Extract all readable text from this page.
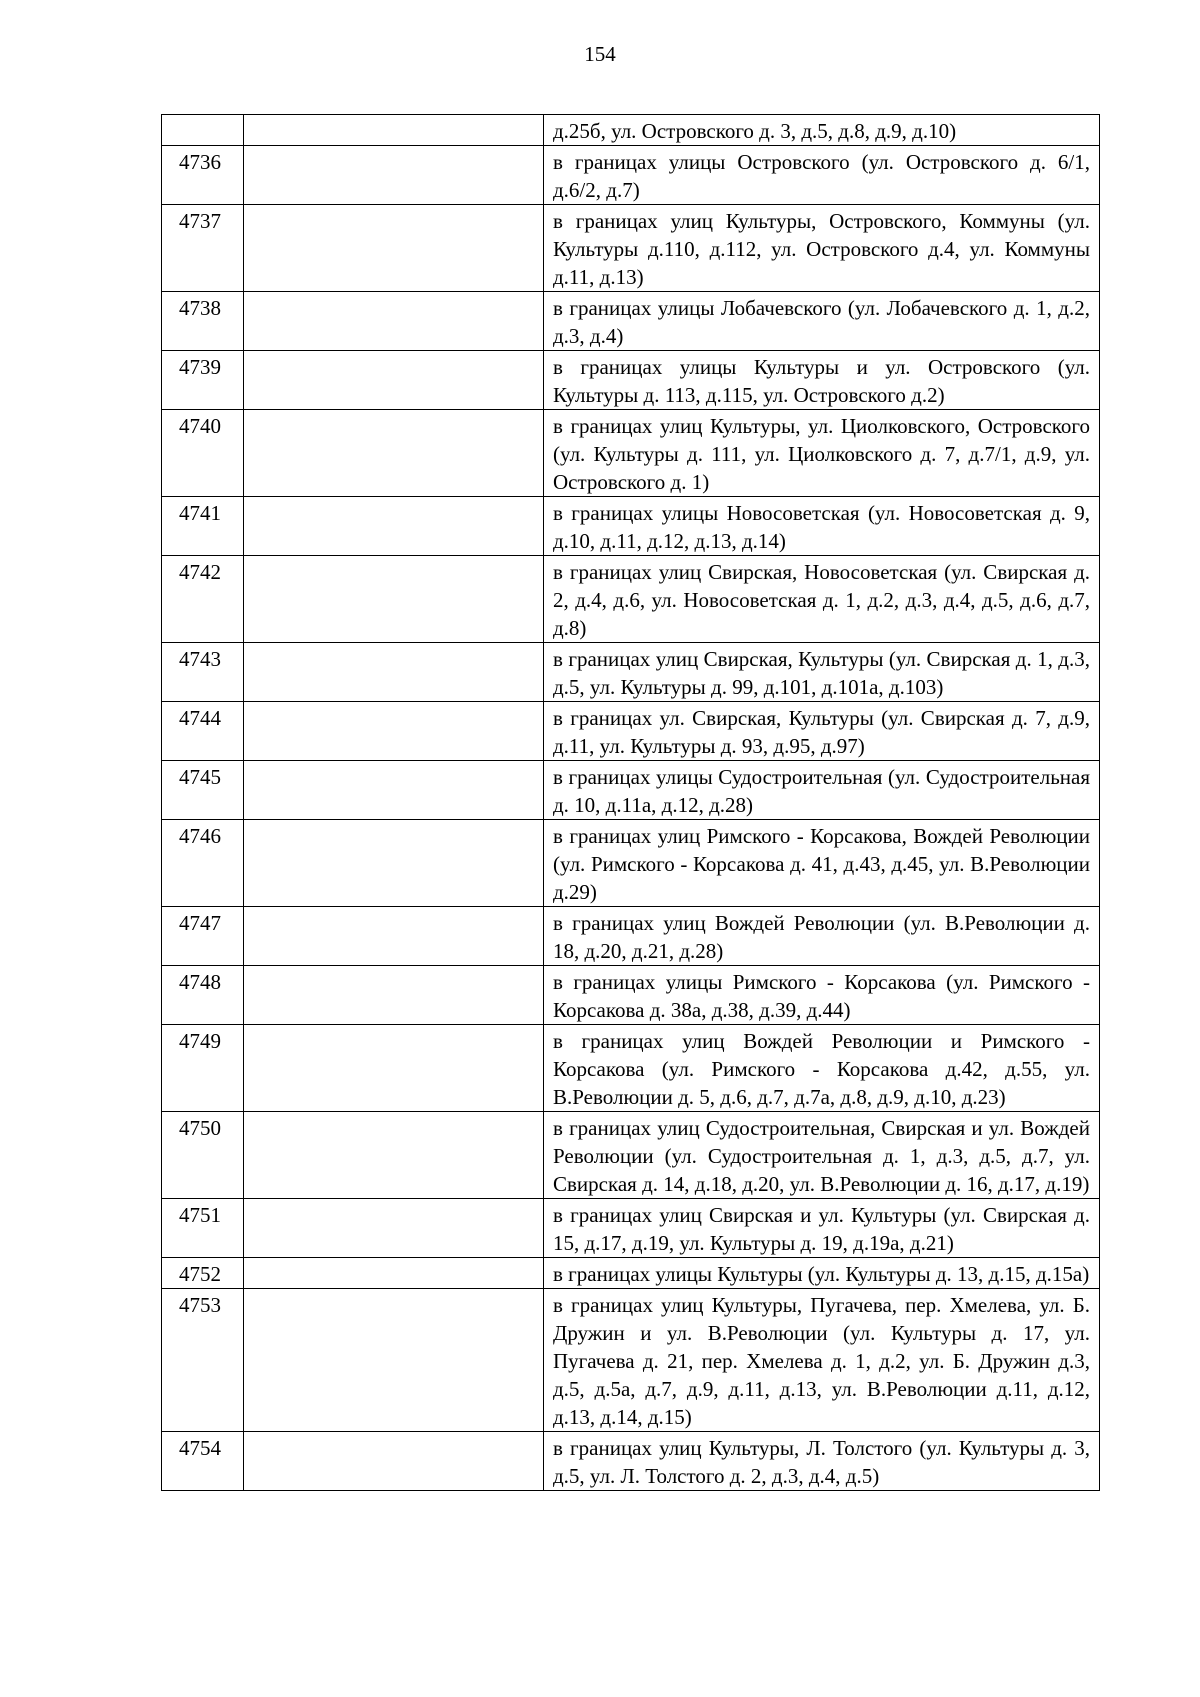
154
		д.25б, ул. Островского д. 3, д.5, д.8, д.9, д.10)
4736		в границах улицы Островского (ул. Островского д. 6/1, д.6/2, д.7)
4737		в границах улиц Культуры, Островского, Коммуны (ул. Культуры д.110, д.112, ул. Островского д.4, ул. Коммуны д.11, д.13)
4738		в границах улицы Лобачевского (ул. Лобачевского д. 1, д.2, д.3, д.4)
4739		в границах улицы Культуры и ул. Островского (ул. Культуры д. 113, д.115, ул. Островского д.2)
4740		в границах улиц Культуры, ул. Циолковского, Островского (ул. Культуры д. 111, ул. Циолковского д. 7, д.7/1, д.9, ул. Островского д. 1)
4741		в границах улицы Новосоветская (ул. Новосоветская д. 9, д.10, д.11, д.12, д.13, д.14)
4742		в границах улиц Свирская, Новосоветская (ул. Свирская д. 2, д.4, д.6, ул. Новосоветская д. 1, д.2, д.3, д.4, д.5, д.6, д.7, д.8)
4743		в границах улиц Свирская, Культуры (ул. Свирская д. 1, д.3, д.5, ул. Культуры д. 99, д.101, д.101а, д.103)
4744		в границах ул. Свирская, Культуры (ул. Свирская д. 7, д.9, д.11, ул. Культуры д. 93, д.95, д.97)
4745		в границах улицы Судостроительная (ул. Судостроительная д. 10, д.11а, д.12, д.28)
4746		в границах улиц Римского - Корсакова, Вождей Революции (ул. Римского - Корсакова д. 41, д.43, д.45, ул. В.Революции д.29)
4747		в границах улиц Вождей Революции (ул. В.Революции д. 18, д.20, д.21, д.28)
4748		в границах улицы Римского - Корсакова (ул. Римского - Корсакова д. 38а, д.38, д.39, д.44)
4749		в границах улиц Вождей Революции и Римского - Корсакова (ул. Римского - Корсакова д.42, д.55, ул. В.Революции д. 5, д.6, д.7, д.7а, д.8, д.9, д.10, д.23)
4750		в границах улиц Судостроительная, Свирская и ул. Вождей Революции (ул. Судостроительная д. 1, д.3, д.5, д.7, ул. Свирская д. 14, д.18, д.20, ул. В.Революции д. 16, д.17, д.19)
4751		в границах улиц Свирская и ул. Культуры (ул. Свирская д. 15, д.17, д.19, ул. Культуры д. 19, д.19а, д.21)
4752		в границах улицы Культуры (ул. Культуры д. 13, д.15, д.15а)
4753		в границах улиц Культуры, Пугачева, пер. Хмелева, ул. Б. Дружин и ул. В.Революции (ул. Культуры д. 17, ул. Пугачева д. 21, пер. Хмелева д. 1, д.2, ул. Б. Дружин д.3, д.5, д.5а, д.7, д.9, д.11, д.13, ул. В.Революции д.11, д.12, д.13, д.14, д.15)
4754		в границах улиц Культуры, Л. Толстого (ул. Культуры д. 3, д.5, ул. Л. Толстого д. 2, д.3, д.4, д.5)
